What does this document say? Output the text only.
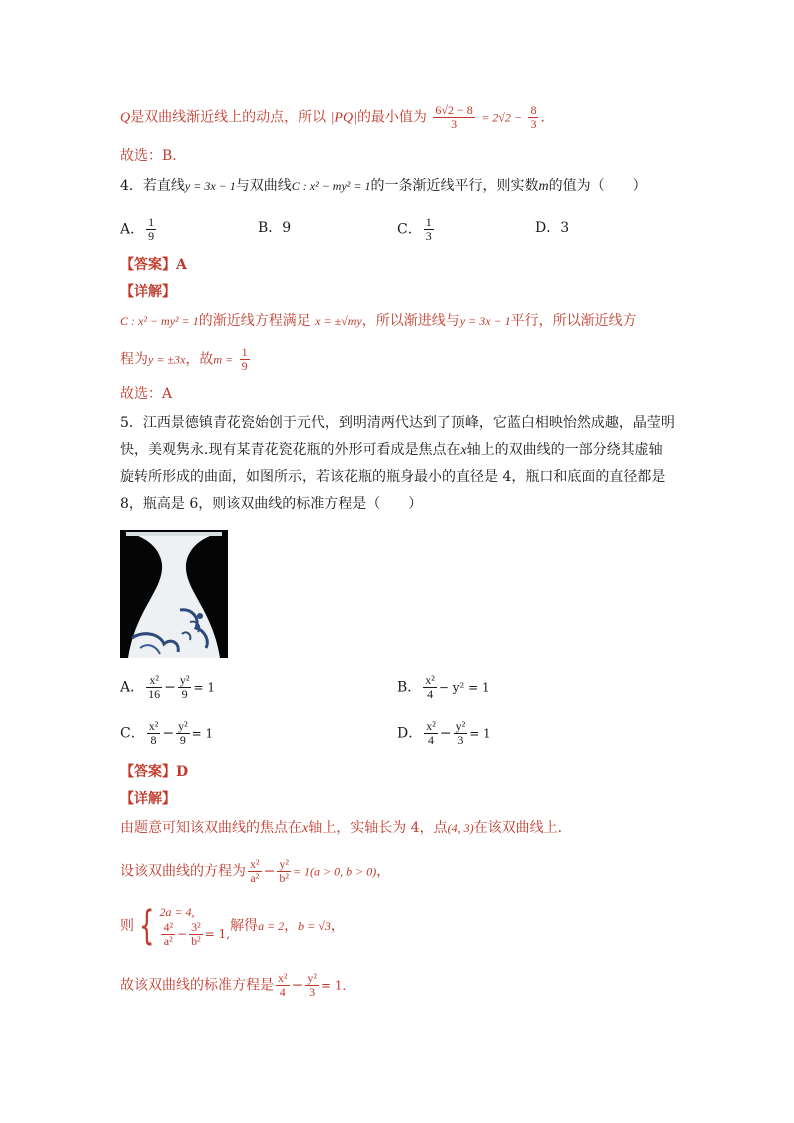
Q是双曲线渐近线上的动点，所以 |PQ|的最小值为 $\frac{6√2 - 8}{3} = 2√2 - \frac{8}{3}$ ．
故选：B．
4．若直线y = 3x − 1与双曲线C : x² − my² = 1的一条渐近线平行，则实数m的值为（　　）
A． $\frac{1}{9}$	B．9	C． $\frac{1}{3}$	D．3
【答案】A
【详解】
C : x² − my² = 1的渐近线方程满足 x = ±√my，所以渐进线与y = 3x − 1平行，所以渐近线方
程为y = ±3x，故$m = \frac{1}{9}$
故选：A
5．江西景德镇青花瓷始创于元代，到明清两代达到了顶峰，它蓝白相映怡然成趣，晶莹明
快，美观隽永.现有某青花瓷花瓶的外形可看成是焦点在x轴上的双曲线的一部分绕其虚轴
旋转所形成的曲面，如图所示，若该花瓶的瓶身最小的直径是 4，瓶口和底面的直径都是
8，瓶高是 6，则该双曲线的标准方程是（　　）
A． $\frac{\text{x²}}{16} - \frac{\text{y²}}{9} = 1$	B． $\frac{\text{x²}}{4} - y^2 = 1$
C． $\frac{\text{x²}}{8} - \frac{\text{y²}}{9} = 1$	D． $\frac{\text{x²}}{4} - \frac{\text{y²}}{3} = 1$
【答案】D
【详解】
由题意可知该双曲线的焦点在x轴上，实轴长为 4，点(4, 3)在该双曲线上．
设该双曲线的方程为 $\frac{\text{x²}}{\text{a²}} - \frac{\text{y²}}{\text{b²}} = 1(a > 0$, b > 0)，
则 { 2a = 4,
$\frac{\text{4²}}{\text{a²}} - \frac{\text{3²}}{\text{b²}} = 1$, 解得a = 2，b = √3，
故该双曲线的标准方程是 $\frac{\text{x²}}{4} - \frac{\text{y²}}{3} = 1$．
